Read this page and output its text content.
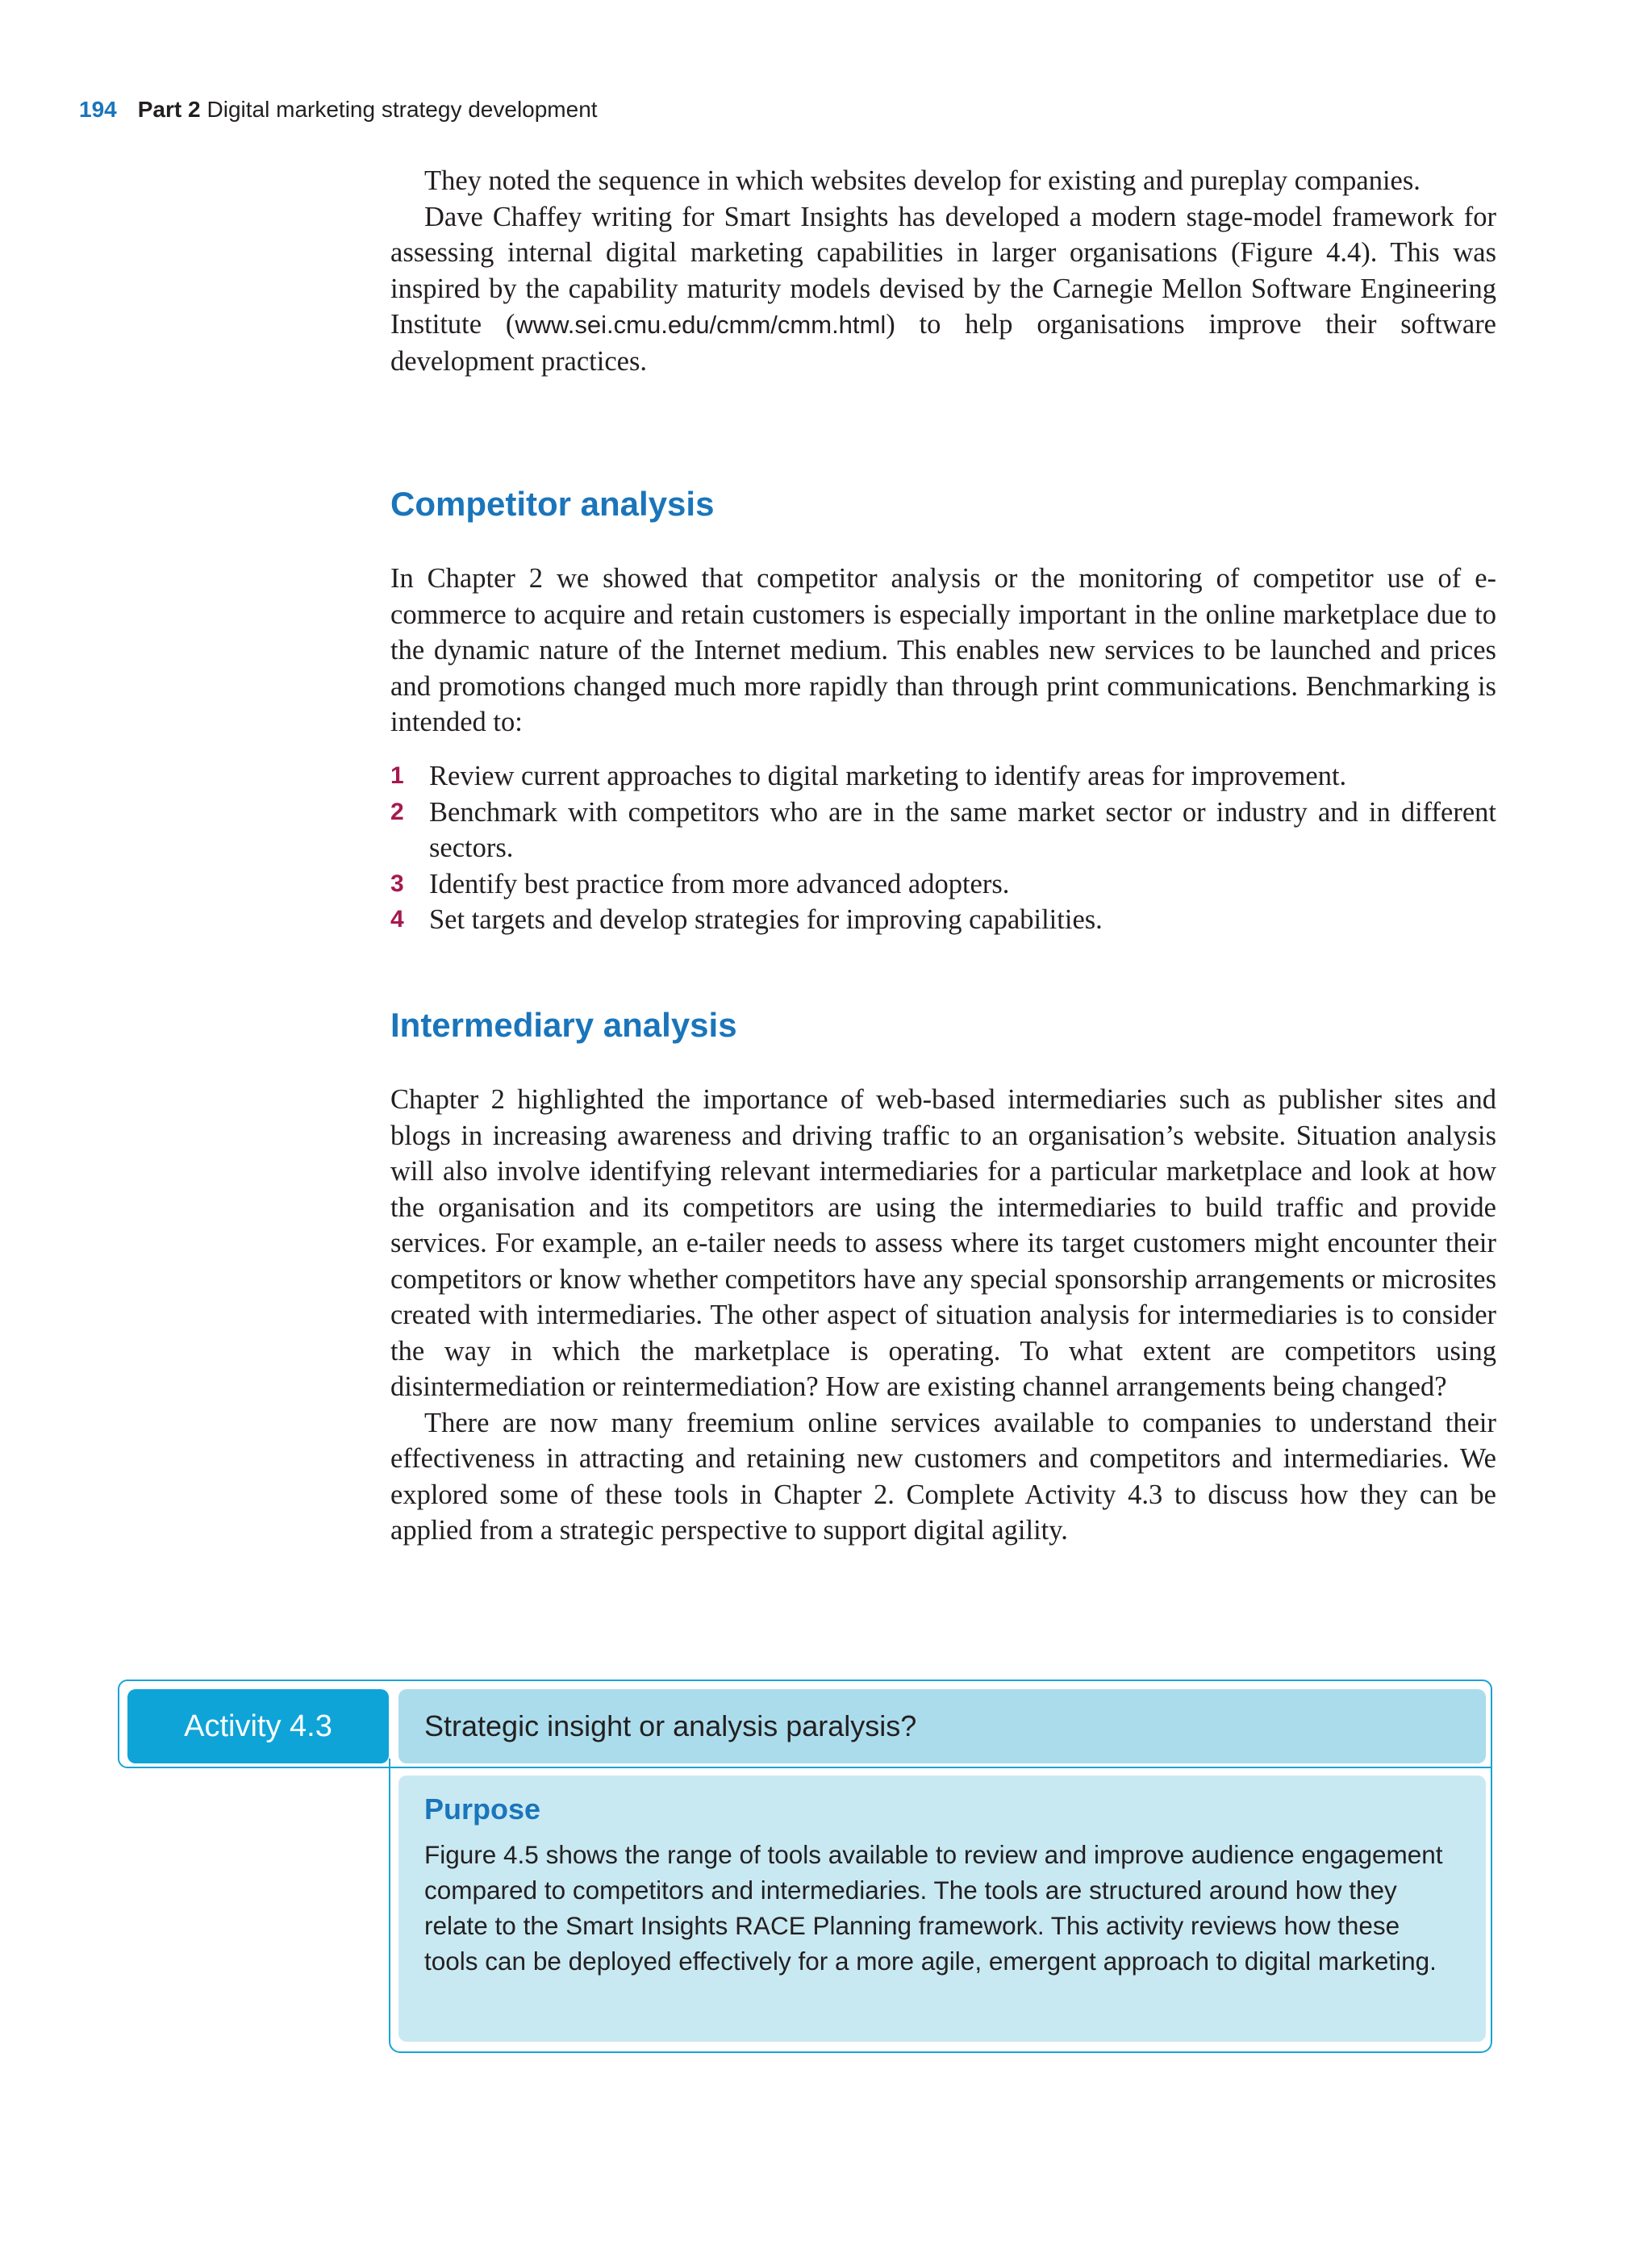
194 Part 2 Digital marketing strategy development

They noted the sequence in which websites develop for existing and pureplay companies.

Dave Chaffey writing for Smart Insights has developed a modern stage-model framework for assessing internal digital marketing capabilities in larger organisations (Figure 4.4). This was inspired by the capability maturity models devised by the Carnegie Mellon Software Engineering Institute (www.sei.cmu.edu/cmm/cmm.html) to help organisations improve their software development practices.

Competitor analysis

In Chapter 2 we showed that competitor analysis or the monitoring of competitor use of e-commerce to acquire and retain customers is especially important in the online marketplace due to the dynamic nature of the Internet medium. This enables new services to be launched and prices and promotions changed much more rapidly than through print communications. Benchmarking is intended to:

1 Review current approaches to digital marketing to identify areas for improvement.
2 Benchmark with competitors who are in the same market sector or industry and in different sectors.
3 Identify best practice from more advanced adopters.
4 Set targets and develop strategies for improving capabilities.
Intermediary analysis

Chapter 2 highlighted the importance of web-based intermediaries such as publisher sites and blogs in increasing awareness and driving traffic to an organisation’s website. Situation analysis will also involve identifying relevant intermediaries for a particular marketplace and look at how the organisation and its competitors are using the intermediaries to build traffic and provide services. For example, an e-tailer needs to assess where its target customers might encounter their competitors or know whether competitors have any special sponsorship arrangements or microsites created with intermediaries. The other aspect of situation analysis for intermediaries is to consider the way in which the marketplace is operating. To what extent are competitors using disintermediation or reintermediation? How are existing channel arrangements being changed?

There are now many freemium online services available to companies to understand their effectiveness in attracting and retaining new customers and competitors and intermediaries. We explored some of these tools in Chapter 2. Complete Activity 4.3 to discuss how they can be applied from a strategic perspective to support digital agility.

Activity 4.3	Strategic insight or analysis paralysis?

Purpose

Figure 4.5 shows the range of tools available to review and improve audience engagement compared to competitors and intermediaries. The tools are structured around how they relate to the Smart Insights RACE Planning framework. This activity reviews how these tools can be deployed effectively for a more agile, emergent approach to digital marketing.
